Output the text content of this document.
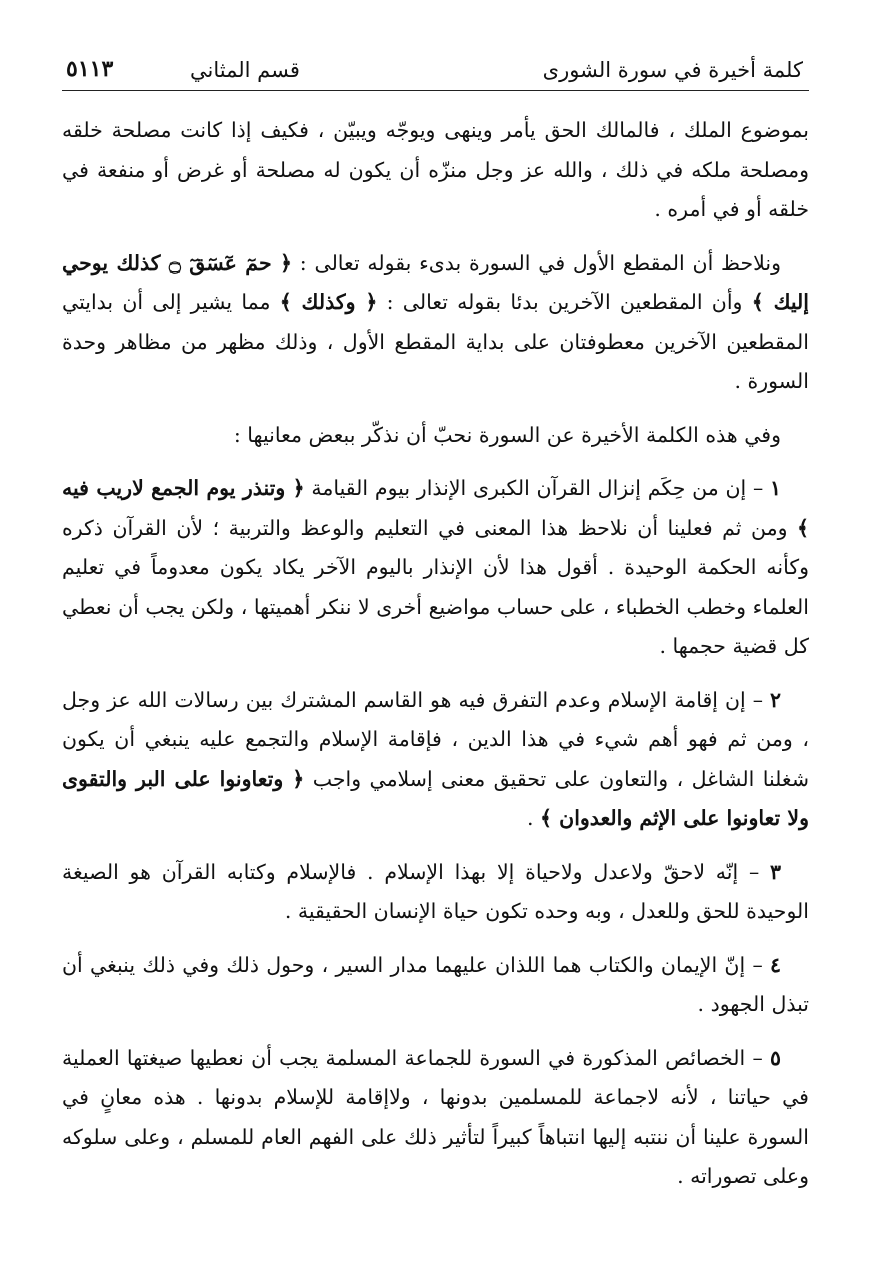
كلمة أخيرة في سورة الشورى
قسم المثاني
٥١١٣

بموضوع الملك ، فالمالك الحق يأمر وينهى ويوجّه ويبيّن ، فكيف إذا كانت مصلحة خلقه ومصلحة ملكه في ذلك ، والله عز وجل منزّه أن يكون له مصلحة أو غرض أو منفعة في خلقه أو في أمره .

ونلاحظ أن المقطع الأول في السورة بدىء بقوله تعالى : ﴿ حمٓ عٓسٓقٓ ۝ كذلك يوحي إليك ﴾ وأن المقطعين الآخرين بدئا بقوله تعالى : ﴿ وكذلك ﴾ مما يشير إلى أن بدايتي المقطعين الآخرين معطوفتان على بداية المقطع الأول ، وذلك مظهر من مظاهر وحدة السورة .

وفي هذه الكلمة الأخيرة عن السورة نحبّ أن نذكّر ببعض معانيها :

١ – إن من حِكَم إنزال القرآن الكبرى الإنذار بيوم القيامة ﴿ وتنذر يوم الجمع لاريب فيه ﴾ ومن ثم فعلينا أن نلاحظ هذا المعنى في التعليم والوعظ والتربية ؛ لأن القرآن ذكره وكأنه الحكمة الوحيدة . أقول هذا لأن الإنذار باليوم الآخر يكاد يكون معدوماً في تعليم العلماء وخطب الخطباء ، على حساب مواضيع أخرى لا ننكر أهميتها ، ولكن يجب أن نعطي كل قضية حجمها .

٢ – إن إقامة الإسلام وعدم التفرق فيه هو القاسم المشترك بين رسالات الله عز وجل ، ومن ثم فهو أهم شيء في هذا الدين ، فإقامة الإسلام والتجمع عليه ينبغي أن يكون شغلنا الشاغل ، والتعاون على تحقيق معنى إسلامي واجب ﴿ وتعاونوا على البر والتقوى ولا تعاونوا على الإثم والعدوان ﴾ .

٣ – إنّه لاحقّ ولاعدل ولاحياة إلا بهذا الإسلام . فالإسلام وكتابه القرآن هو الصيغة الوحيدة للحق وللعدل ، وبه وحده تكون حياة الإنسان الحقيقية .

٤ – إنّ الإيمان والكتاب هما اللذان عليهما مدار السير ، وحول ذلك وفي ذلك ينبغي أن تبذل الجهود .

٥ – الخصائص المذكورة في السورة للجماعة المسلمة يجب أن نعطيها صيغتها العملية في حياتنا ، لأنه لاجماعة للمسلمين بدونها ، ولاإقامة للإسلام بدونها . هذه معانٍ في السورة علينا أن ننتبه إليها انتباهاً كبيراً لتأثير ذلك على الفهم العام للمسلم ، وعلى سلوكه وعلى تصوراته .
